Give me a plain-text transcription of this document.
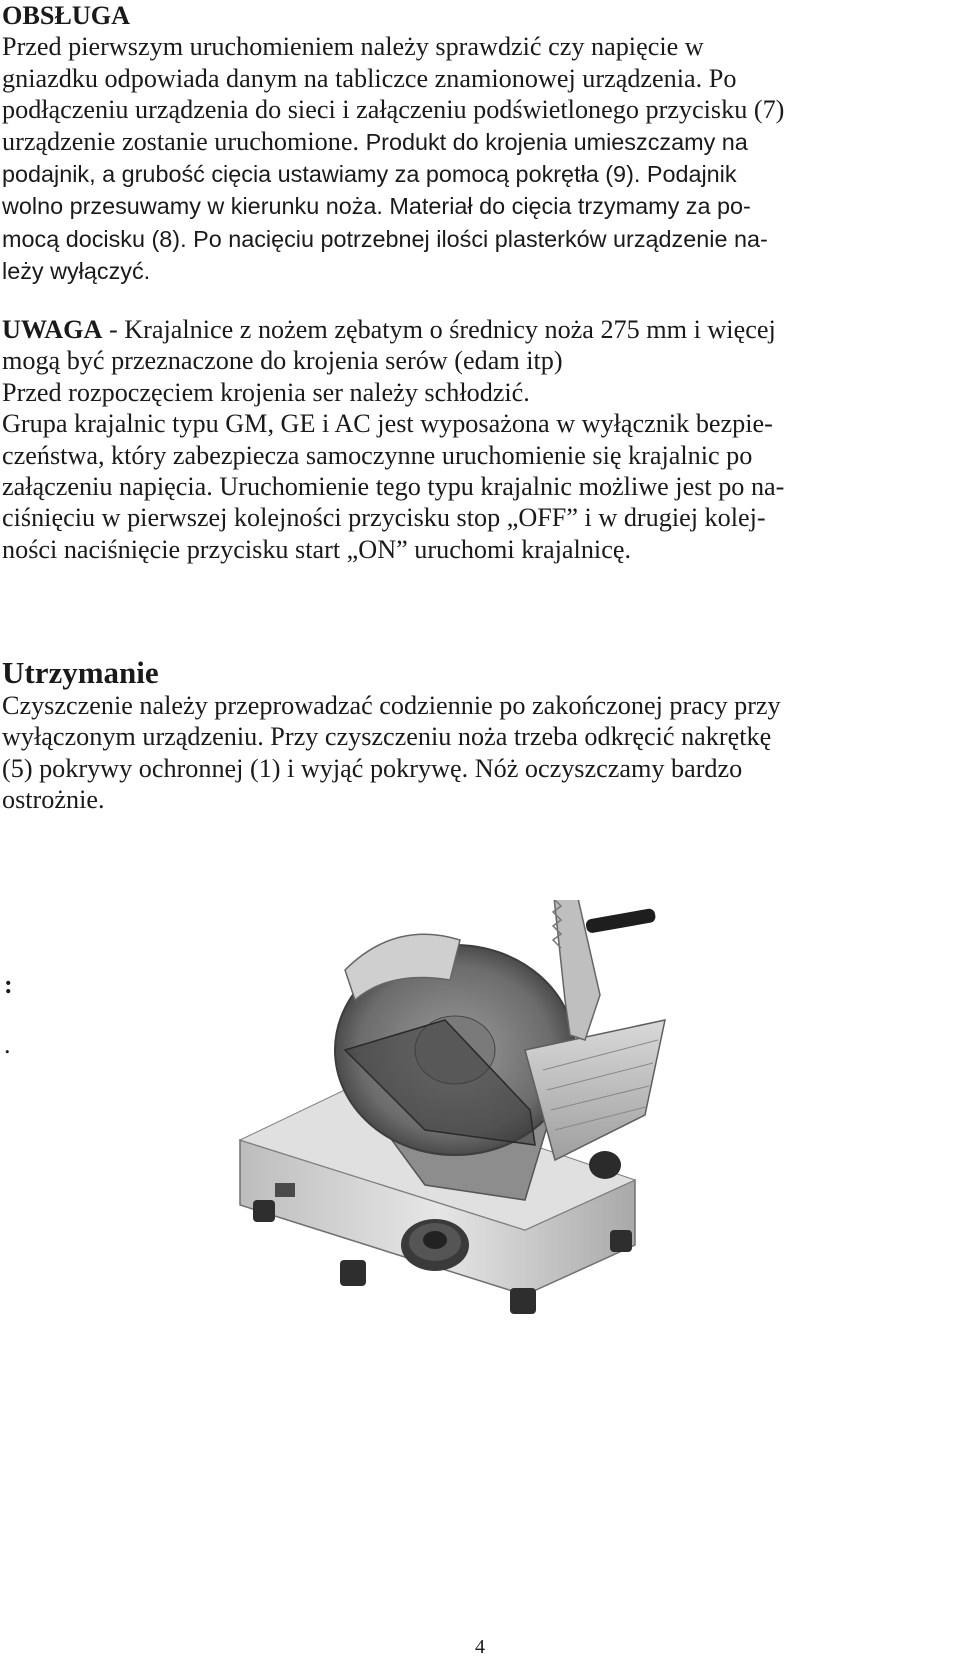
OBSŁUGA
Przed pierwszym uruchomieniem należy sprawdzić czy napięcie w
gniazdku odpowiada danym na tabliczce znamionowej urządzenia. Po
podłączeniu urządzenia do sieci i załączeniu podświetlonego przycisku (7)
urządzenie zostanie uruchomione. Produkt do krojenia umieszczamy na
podajnik, a grubość cięcia ustawiamy za pomocą pokrętła (9). Podajnik
wolno przesuwamy w kierunku noża. Materiał do cięcia trzymamy za po-
mocą docisku (8). Po nacięciu potrzebnej ilości plasterków urządzenie na-
leży wyłączyć.
UWAGA - Krajalnice z nożem zębatym o średnicy noża 275 mm i więcej
mogą być przeznaczone do krojenia serów (edam itp)
Przed rozpoczęciem krojenia ser należy schłodzić.
Grupa krajalnic typu GM, GE i AC jest wyposażona w wyłącznik bezpie-
czeństwa, który zabezpiecza samoczynne uruchomienie się krajalnic po
załączeniu napięcia. Uruchomienie tego typu krajalnic możliwe jest po na-
ciśnięciu w pierwszej kolejności przycisku stop „OFF” i w drugiej kolej-
ności naciśnięcie przycisku start „ON” uruchomi krajalnicę.
Utrzymanie
Czyszczenie należy przeprowadzać codziennie po zakończonej pracy przy
wyłączonym urządzeniu. Przy czyszczeniu noża trzeba odkręcić nakrętkę
(5) pokrywy ochronnej (1) i wyjąć pokrywę. Nóż oczyszczamy bardzo
ostrożnie.
:
.
4
